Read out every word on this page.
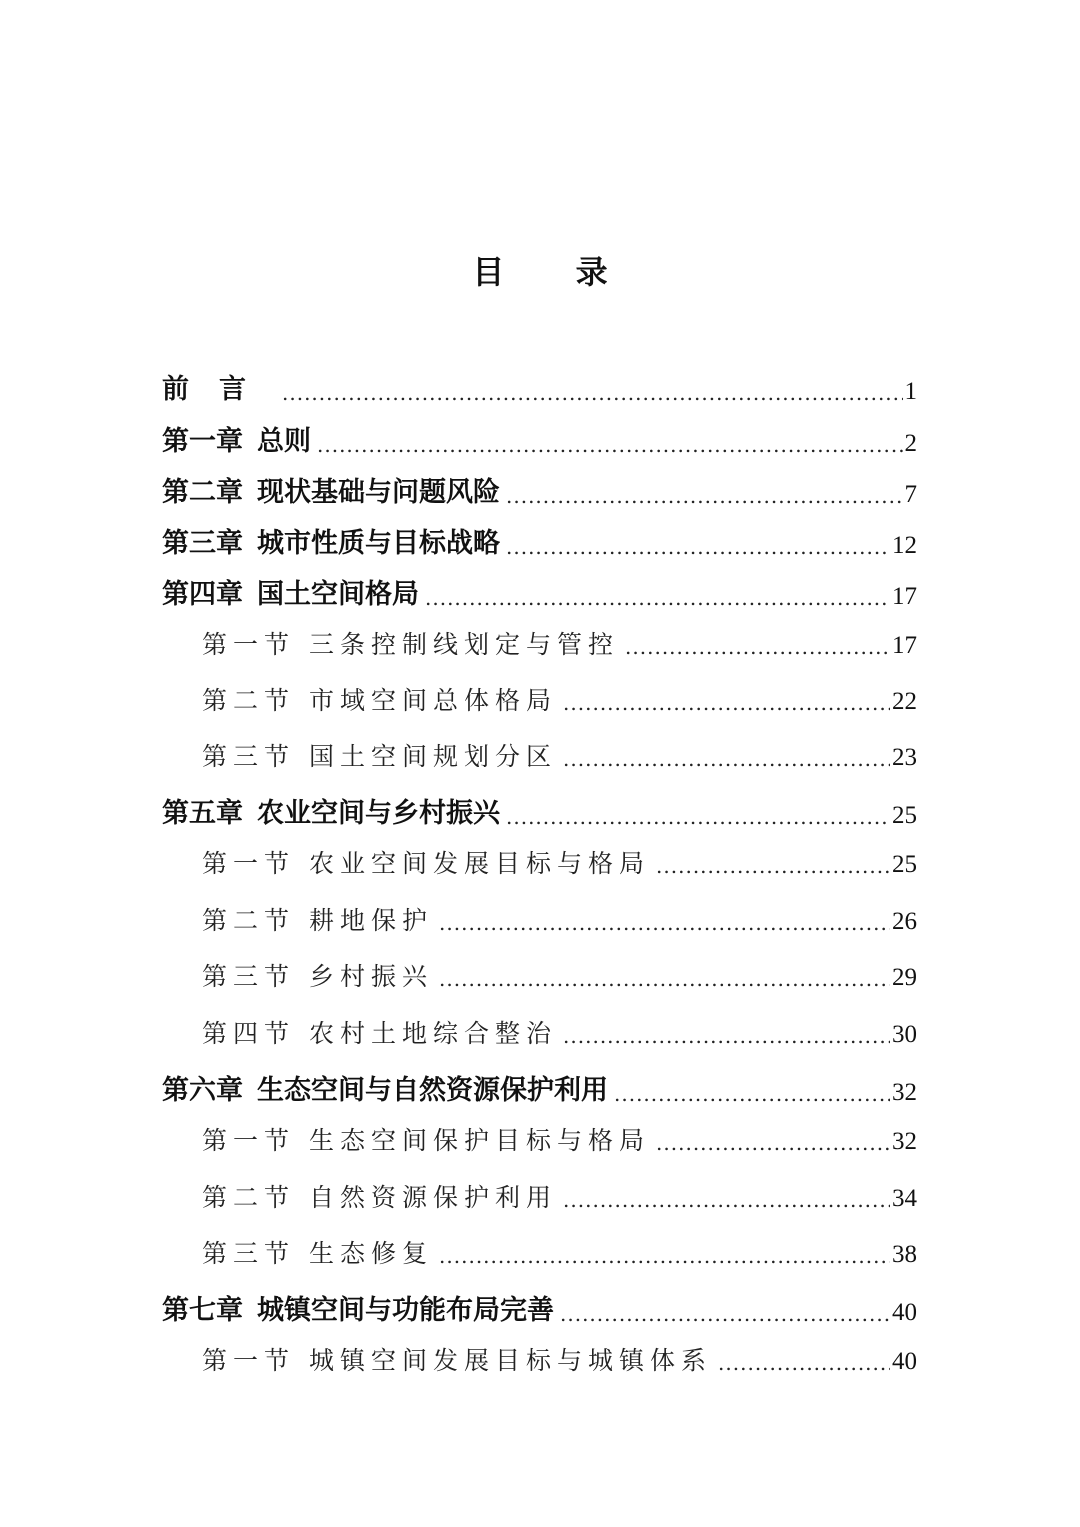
目 录
前言 .....	1
第一章 总则 .....	2
第二章 现状基础与问题风险 .....	7
第三章 城市性质与目标战略 .....	12
第四章 国土空间格局 .....	17
第一节 三条控制线划定与管控 .....	17
第二节 市域空间总体格局 .....	22
第三节 国土空间规划分区 .....	23
第五章 农业空间与乡村振兴 .....	25
第一节 农业空间发展目标与格局 .....	25
第二节 耕地保护 .....	26
第三节 乡村振兴 .....	29
第四节 农村土地综合整治 .....	30
第六章 生态空间与自然资源保护利用 .....	32
第一节 生态空间保护目标与格局 .....	32
第二节 自然资源保护利用 .....	34
第三节 生态修复 .....	38
第七章 城镇空间与功能布局完善 .....	40
第一节 城镇空间发展目标与城镇体系 .....	40
